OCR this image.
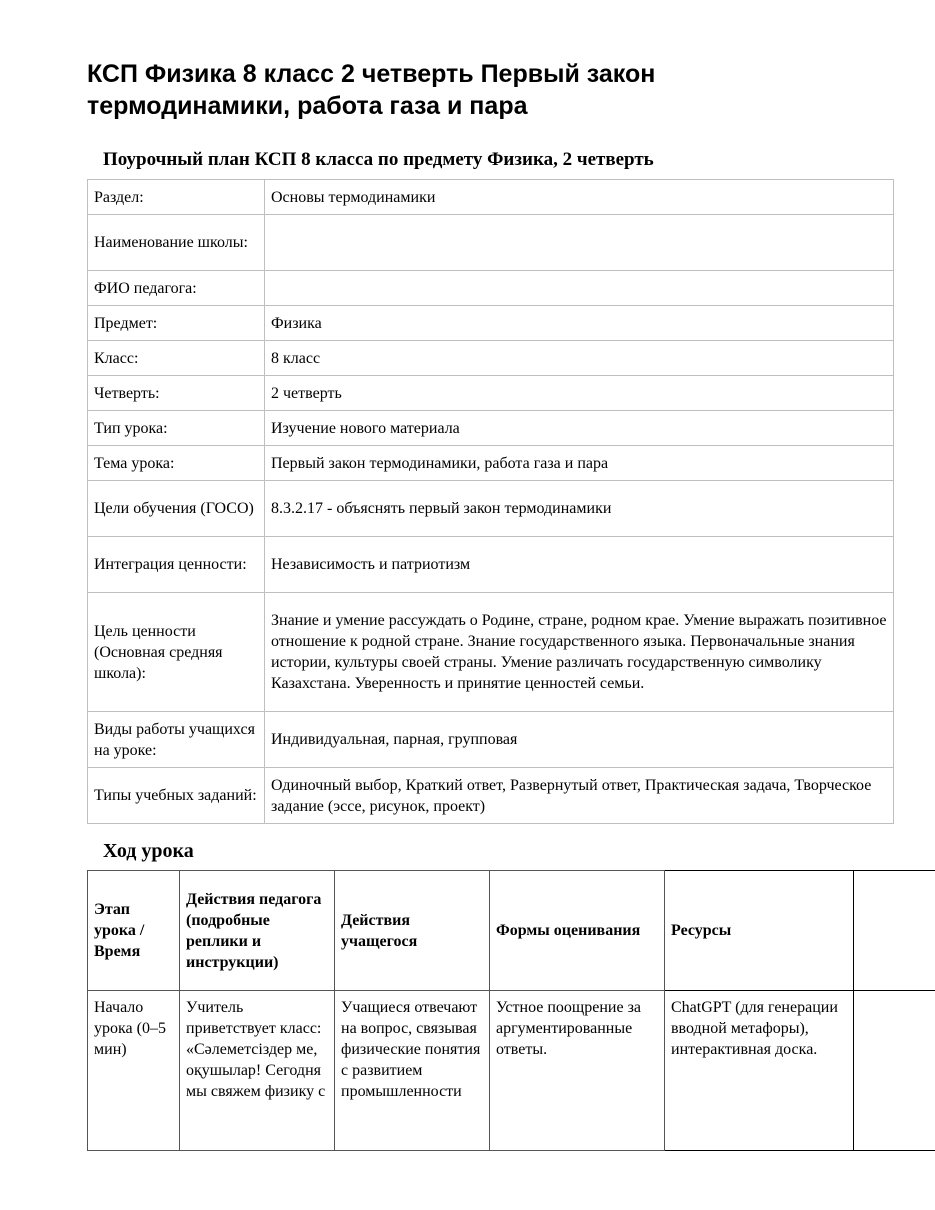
КСП Физика 8 класс 2 четверть Первый закон термодинамики, работа газа и пара
Поурочный план КСП 8 класса по предмету Физика, 2 четверть
Раздел:	Основы термодинамики
Наименование школы:	
ФИО педагога:	
Предмет:	Физика
Класс:	8 класс
Четверть:	2 четверть
Тип урока:	Изучение нового материала
Тема урока:	Первый закон термодинамики, работа газа и пара
Цели обучения (ГОСО)	8.3.2.17 - объяснять первый закон термодинамики
Интеграция ценности:	Независимость и патриотизм
Цель ценности (Основная средняя школа):	Знание и умение рассуждать о Родине, стране, родном крае. Умение выражать позитивное отношение к родной стране. Знание государственного языка. Первоначальные знания истории, культуры своей страны. Умение различать государственную символику Казахстана. Уверенность и принятие ценностей семьи.
Виды работы учащихся на уроке:	Индивидуальная, парная, групповая
Типы учебных заданий:	Одиночный выбор, Краткий ответ, Развернутый ответ, Практическая задача, Творческое задание (эссе, рисунок, проект)
Ход урока
Этап урока / Время	Действия педагога (подробные реплики и инструкции)	Действия учащегося	Формы оценивания	Ресурсы	

Начало урока (0–5 мин)	Учитель приветствует класс: «Сәлеметсіздер ме, оқушылар! Сегодня мы свяжем физику с	Учащиеся отвечают на вопрос, связывая физические понятия с развитием промышленности	Устное поощрение за аргументированные ответы.	ChatGPT (для генерации вводной метафоры), интерактивная доска.	
